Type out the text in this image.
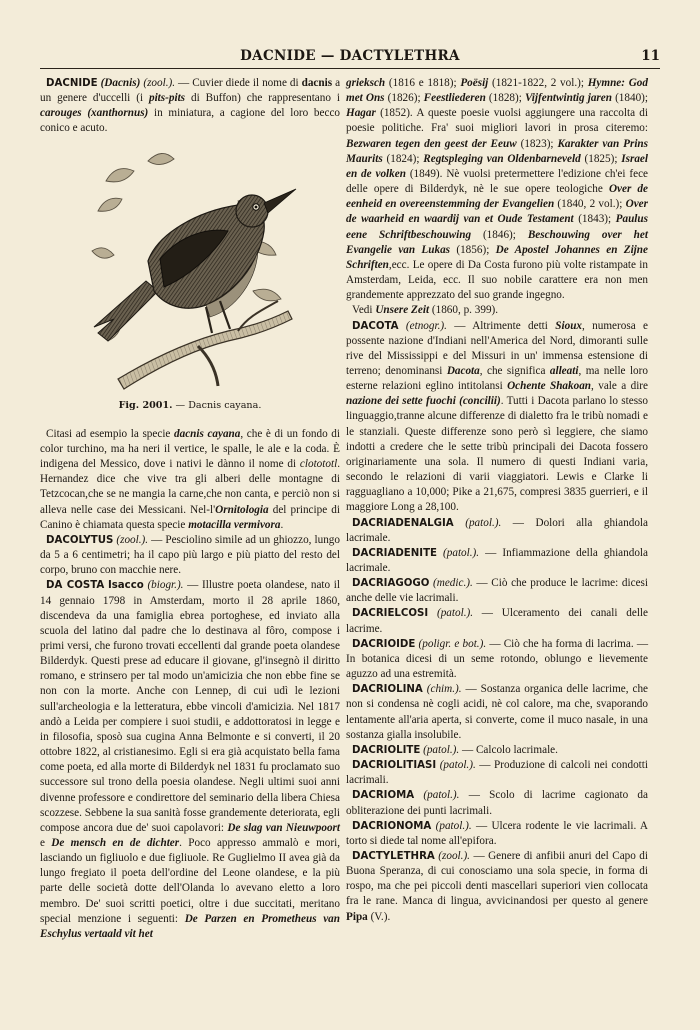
DACNIDE — DACTYLETHRA	11

DACNIDE (Dacnis) (zool.). — Cuvier diede il nome di dacnis a un genere d'uccelli (i pits-pits di Buffon) che rappresentano i carouges (xanthornus) in miniatura, a cagione del loro becco conico e acuto.

Fig. 2001. — Dacnis cayana.

Citasi ad esempio la specie dacnis cayana, che è di un fondo di color turchino, ma ha neri il vertice, le spalle, le ale e la coda. È indigena del Messico, dove i nativi le dànno il nome di clotototl. Hernandez dice che vive tra gli alberi delle montagne di Tetzcocan,che se ne mangia la carne,che non canta, e perciò non si alleva nelle case dei Messicani. Nel-l'Ornitologia del principe di Canino è chiamata questa specie motacilla vermivora.

DACOLYTUS (zool.). — Pesciolino simile ad un ghiozzo, lungo da 5 a 6 centimetri; ha il capo più largo e più piatto del resto del corpo, bruno con macchie nere.

DA COSTA Isacco (biogr.). — Illustre poeta olandese, nato il 14 gennaio 1798 in Amsterdam, morto il 28 aprile 1860, discendeva da una famiglia ebrea portoghese, ed inviato alla scuola del latino dal padre che lo destinava al fôro, compose i primi versi, che furono trovati eccellenti dal grande poeta olandese Bilderdyk. Questi prese ad educare il giovane, gl'insegnò il diritto romano, e strinsero per tal modo un'amicizia che non ebbe fine se non con la morte. Anche con Lennep, di cui udì le lezioni sull'archeologia e la letteratura, ebbe vincoli d'amicizia. Nel 1817 andò a Leida per compiere i suoi studii, e addottoratosi in legge e in filosofia, sposò sua cugina Anna Belmonte e si converti, il 20 ottobre 1822, al cristianesimo. Egli si era già acquistato bella fama come poeta, ed alla morte di Bilderdyk nel 1831 fu proclamato suo successore sul trono della poesia olandese. Negli ultimi suoi anni divenne professore e condirettore del seminario della libera Chiesa scozzese. Sebbene la sua sanità fosse grandemente deteriorata, egli compose ancora due de' suoi capolavori: De slag van Nieuwpoort e De mensch en de dichter. Poco appresso ammalò e mori, lasciando un figliuolo e due figliuole. Re Guglielmo II avea già da lungo fregiato il poeta dell'ordine del Leone olandese, e la più parte delle società dotte dell'Olanda lo avevano eletto a loro membro. De' suoi scritti poetici, oltre i due succitati, meritano special menzione i seguenti: De Parzen en Prometheus van Eschylus vertaald vit het

grieksch (1816 e 1818); Poësij (1821-1822, 2 vol.); Hymne: God met Ons (1826); Feestliederen (1828); Vijfentwintig jaren (1840); Hagar (1852). A queste poesie vuolsi aggiungere una raccolta di poesie politiche. Fra' suoi migliori lavori in prosa citeremo: Bezwaren tegen den geest der Eeuw (1823); Karakter van Prins Maurits (1824); Regtspleging van Oldenbarneveld (1825); Israel en de volken (1849). Nè vuolsi pretermettere l'edizione ch'ei fece delle opere di Bilderdyk, nè le sue opere teologiche Over de eenheid en overeenstemming der Evangelien (1840, 2 vol.); Over de waarheid en waardij van et Oude Testament (1843); Paulus eene Schriftbeschouwing (1846); Beschouwing over het Evangelie van Lukas (1856); De Apostel Johannes en Zijne Schriften,ecc. Le opere di Da Costa furono più volte ristampate in Amsterdam, Leida, ecc. Il suo nobile carattere era non men grandemente apprezzato del suo grande ingegno.

Vedi Unsere Zeit (1860, p. 399).

DACOTA (etnogr.). — Altrimente detti Sioux, numerosa e possente nazione d'Indiani nell'America del Nord, dimoranti sulle rive del Mississippi e del Missuri in un' immensa estensione di terreno; denominansi Dacota, che significa alleati, ma nelle loro esterne relazioni eglino intitolansi Ochente Shakoan, vale a dire nazione dei sette fuochi (concilii). Tutti i Dacota parlano lo stesso linguaggio,tranne alcune differenze di dialetto fra le tribù nomadi e le stanziali. Queste differenze sono però sì leggiere, che siamo indotti a credere che le sette tribù principali dei Dacota fossero originariamente una sola. Il numero di questi Indiani varia, secondo le relazioni di varii viaggiatori. Lewis e Clarke li ragguagliano a 10,000; Pike a 21,675, compresi 3835 guerrieri, e il maggiore Long a 28,100.

DACRIADENALGIA (patol.). — Dolori alla ghiandola lacrimale.

DACRIADENITE (patol.). — Infiammazione della ghiandola lacrimale.

DACRIAGOGO (medic.). — Ciò che produce le lacrime: dicesi anche delle vie lacrimali.

DACRIELCOSI (patol.). — Ulceramento dei canali delle lacrime.

DACRIOIDE (poligr. e bot.). — Ciò che ha forma di lacrima. — In botanica dicesi di un seme rotondo, oblungo e lievemente aguzzo ad una estremità.

DACRIOLINA (chim.). — Sostanza organica delle lacrime, che non si condensa nè cogli acidi, nè col calore, ma che, svaporando lentamente all'aria aperta, si converte, come il muco nasale, in una sostanza gialla insolubile.

DACRIOLITE (patol.). — Calcolo lacrimale.

DACRIOLITIASI (patol.). — Produzione di calcoli nei condotti lacrimali.

DACRIOMA (patol.). — Scolo di lacrime cagionato da obliterazione dei punti lacrimali.

DACRIONOMA (patol.). — Ulcera rodente le vie lacrimali. A torto si diede tal nome all'epifora.

DACTYLETHRA (zool.). — Genere di anfibii anuri del Capo di Buona Speranza, di cui conosciamo una sola specie, in forma di rospo, ma che pei piccoli denti mascellari superiori vien collocata fra le rane. Manca di lingua, avvicinandosi per questo al genere Pipa (V.).
